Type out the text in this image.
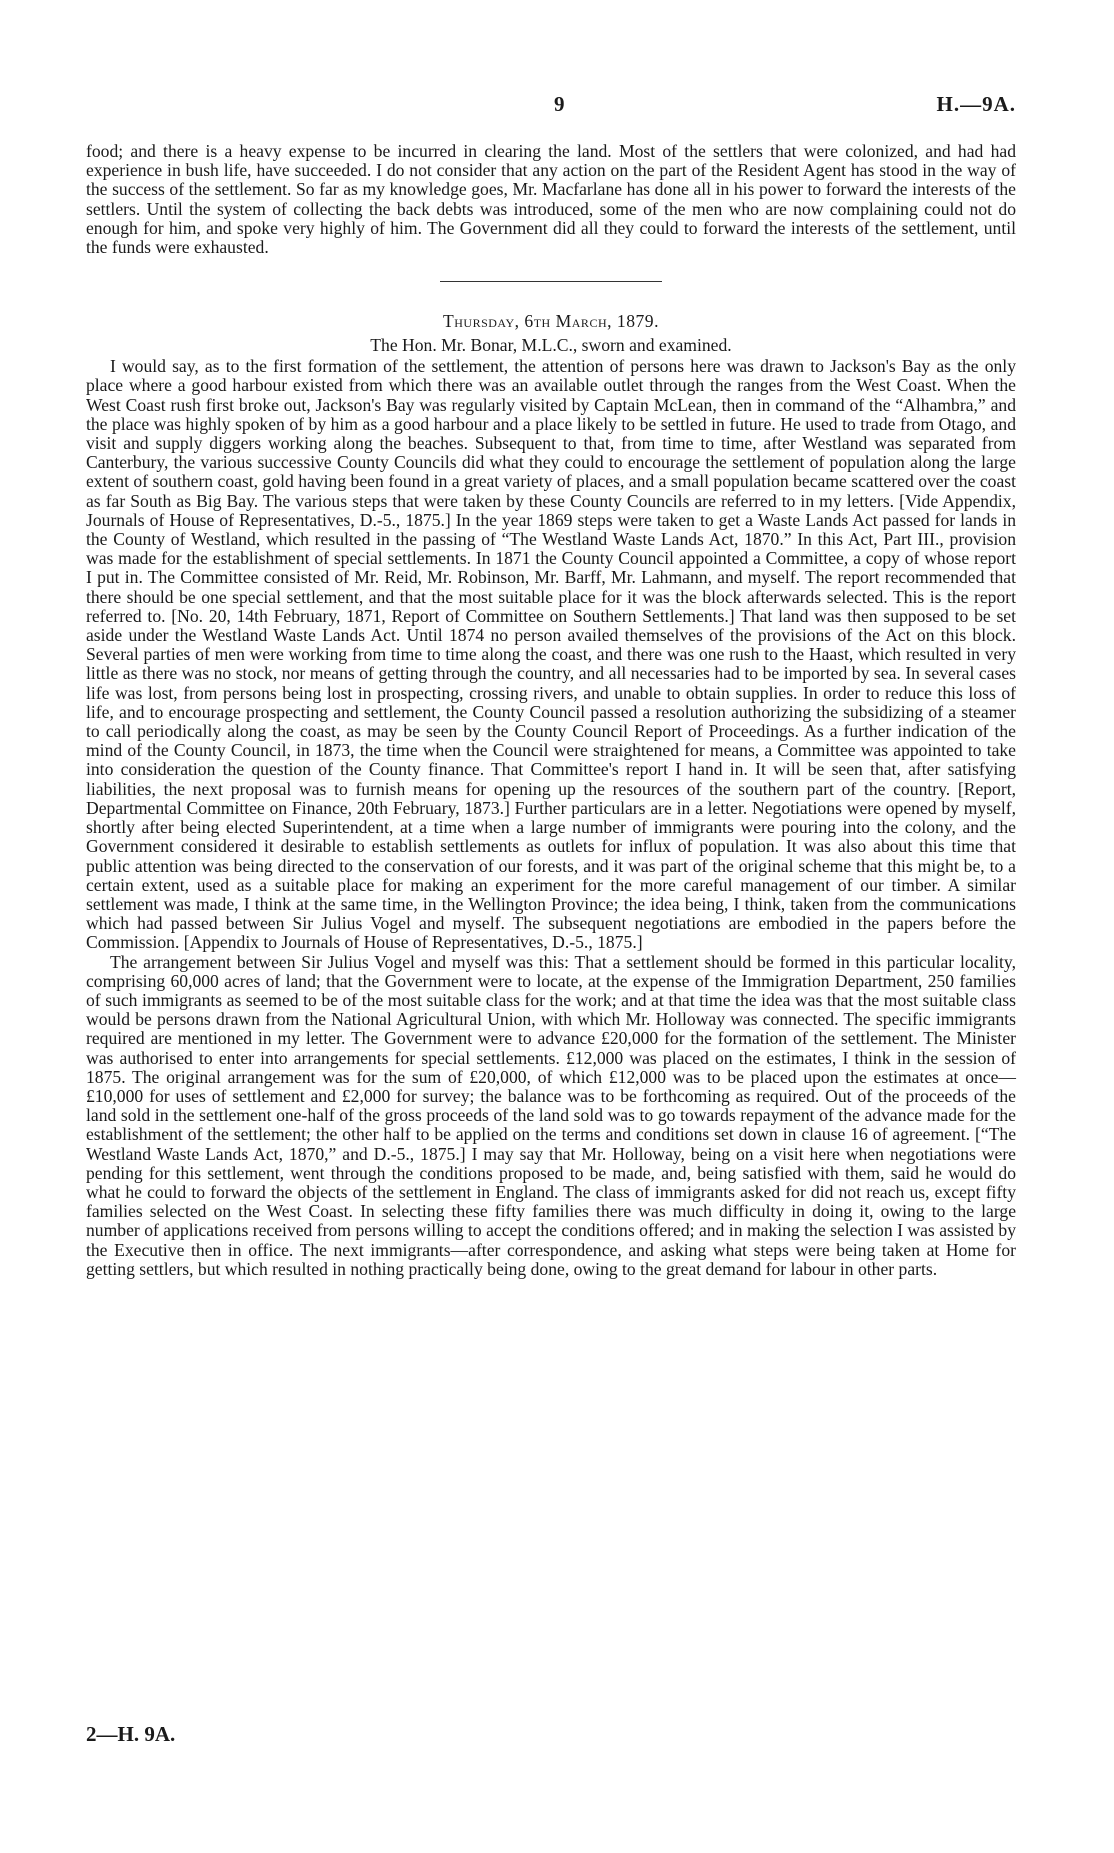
9	H.—9A.

food; and there is a heavy expense to be incurred in clearing the land. Most of the settlers that were colonized, and had had experience in bush life, have succeeded. I do not consider that any action on the part of the Resident Agent has stood in the way of the success of the settlement. So far as my knowledge goes, Mr. Macfarlane has done all in his power to forward the interests of the settlers. Until the system of collecting the back debts was introduced, some of the men who are now complaining could not do enough for him, and spoke very highly of him. The Government did all they could to forward the interests of the settlement, until the funds were exhausted.

Thursday, 6th March, 1879.
The Hon. Mr. Bonar, M.L.C., sworn and examined.

I would say, as to the first formation of the settlement, the attention of persons here was drawn to Jackson's Bay as the only place where a good harbour existed from which there was an available outlet through the ranges from the West Coast. When the West Coast rush first broke out, Jackson's Bay was regularly visited by Captain McLean, then in command of the “Alhambra,” and the place was highly spoken of by him as a good harbour and a place likely to be settled in future. He used to trade from Otago, and visit and supply diggers working along the beaches. Subsequent to that, from time to time, after Westland was separated from Canterbury, the various successive County Councils did what they could to encourage the settlement of population along the large extent of southern coast, gold having been found in a great variety of places, and a small population became scattered over the coast as far South as Big Bay. The various steps that were taken by these County Councils are referred to in my letters. [Vide Appendix, Journals of House of Representatives, D.-5., 1875.] In the year 1869 steps were taken to get a Waste Lands Act passed for lands in the County of Westland, which resulted in the passing of “The Westland Waste Lands Act, 1870.” In this Act, Part III., provision was made for the establishment of special settlements. In 1871 the County Council appointed a Committee, a copy of whose report I put in. The Committee consisted of Mr. Reid, Mr. Robinson, Mr. Barff, Mr. Lahmann, and myself. The report recommended that there should be one special settlement, and that the most suitable place for it was the block afterwards selected. This is the report referred to. [No. 20, 14th February, 1871, Report of Committee on Southern Settlements.] That land was then supposed to be set aside under the Westland Waste Lands Act. Until 1874 no person availed themselves of the provisions of the Act on this block. Several parties of men were working from time to time along the coast, and there was one rush to the Haast, which resulted in very little as there was no stock, nor means of getting through the country, and all necessaries had to be imported by sea. In several cases life was lost, from persons being lost in prospecting, crossing rivers, and unable to obtain supplies. In order to reduce this loss of life, and to encourage prospecting and settlement, the County Council passed a resolution authorizing the subsidizing of a steamer to call periodically along the coast, as may be seen by the County Council Report of Proceedings. As a further indication of the mind of the County Council, in 1873, the time when the Council were straightened for means, a Committee was appointed to take into consideration the question of the County finance. That Committee's report I hand in. It will be seen that, after satisfying liabilities, the next proposal was to furnish means for opening up the resources of the southern part of the country. [Report, Departmental Committee on Finance, 20th February, 1873.] Further particulars are in a letter. Negotiations were opened by myself, shortly after being elected Superintendent, at a time when a large number of immigrants were pouring into the colony, and the Government considered it desirable to establish settlements as outlets for influx of population. It was also about this time that public attention was being directed to the conservation of our forests, and it was part of the original scheme that this might be, to a certain extent, used as a suitable place for making an experiment for the more careful management of our timber. A similar settlement was made, I think at the same time, in the Wellington Province; the idea being, I think, taken from the communications which had passed between Sir Julius Vogel and myself. The subsequent negotiations are embodied in the papers before the Commission. [Appendix to Journals of House of Representatives, D.-5., 1875.]

The arrangement between Sir Julius Vogel and myself was this: That a settlement should be formed in this particular locality, comprising 60,000 acres of land; that the Government were to locate, at the expense of the Immigration Department, 250 families of such immigrants as seemed to be of the most suitable class for the work; and at that time the idea was that the most suitable class would be persons drawn from the National Agricultural Union, with which Mr. Holloway was connected. The specific immigrants required are mentioned in my letter. The Government were to advance £20,000 for the formation of the settlement. The Minister was authorised to enter into arrangements for special settlements. £12,000 was placed on the estimates, I think in the session of 1875. The original arrangement was for the sum of £20,000, of which £12,000 was to be placed upon the estimates at once—£10,000 for uses of settlement and £2,000 for survey; the balance was to be forthcoming as required. Out of the proceeds of the land sold in the settlement one-half of the gross proceeds of the land sold was to go towards repayment of the advance made for the establishment of the settlement; the other half to be applied on the terms and conditions set down in clause 16 of agreement. [“The Westland Waste Lands Act, 1870,” and D.-5., 1875.] I may say that Mr. Holloway, being on a visit here when negotiations were pending for this settlement, went through the conditions proposed to be made, and, being satisfied with them, said he would do what he could to forward the objects of the settlement in England. The class of immigrants asked for did not reach us, except fifty families selected on the West Coast. In selecting these fifty families there was much difficulty in doing it, owing to the large number of applications received from persons willing to accept the conditions offered; and in making the selection I was assisted by the Executive then in office. The next immigrants—after correspondence, and asking what steps were being taken at Home for getting settlers, but which resulted in nothing practically being done, owing to the great demand for labour in other parts.

2—H. 9A.
